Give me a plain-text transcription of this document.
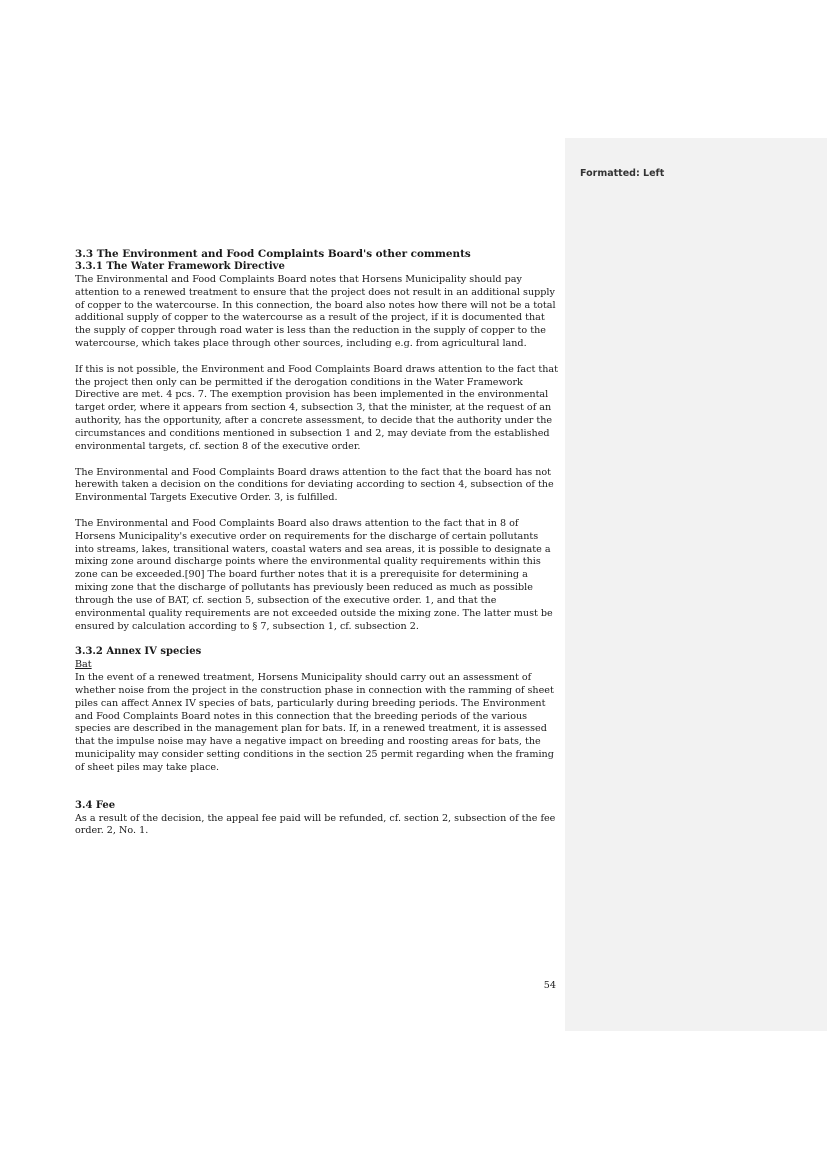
Formatted: Left

3.3 The Environment and Food Complaints Board's other comments

3.3.1 The Water Framework Directive

The Environmental and Food Complaints Board notes that Horsens Municipality should pay attention to a renewed treatment to ensure that the project does not result in an additional supply of copper to the watercourse. In this connection, the board also notes how there will not be a total additional supply of copper to the watercourse as a result of the project, if it is documented that the supply of copper through road water is less than the reduction in the supply of copper to the watercourse, which takes place through other sources, including e.g. from agricultural land.

If this is not possible, the Environment and Food Complaints Board draws attention to the fact that the project then only can be permitted if the derogation conditions in the Water Framework Directive are met. 4 pcs. 7. The exemption provision has been implemented in the environmental target order, where it appears from section 4, subsection 3, that the minister, at the request of an authority, has the opportunity, after a concrete assessment, to decide that the authority under the circumstances and conditions mentioned in subsection 1 and 2, may deviate from the established environmental targets, cf. section 8 of the executive order.

The Environmental and Food Complaints Board draws attention to the fact that the board has not herewith taken a decision on the conditions for deviating according to section 4, subsection of the Environmental Targets Executive Order. 3, is fulfilled.

The Environmental and Food Complaints Board also draws attention to the fact that in 8 of Horsens Municipality's executive order on requirements for the discharge of certain pollutants into streams, lakes, transitional waters, coastal waters and sea areas, it is possible to designate a mixing zone around discharge points where the environmental quality requirements within this zone can be exceeded.[90] The board further notes that it is a prerequisite for determining a mixing zone that the discharge of pollutants has previously been reduced as much as possible through the use of BAT, cf. section 5, subsection of the executive order. 1, and that the environmental quality requirements are not exceeded outside the mixing zone. The latter must be ensured by calculation according to § 7, subsection 1, cf. subsection 2.

3.3.2 Annex IV species

Bat

In the event of a renewed treatment, Horsens Municipality should carry out an assessment of whether noise from the project in the construction phase in connection with the ramming of sheet piles can affect Annex IV species of bats, particularly during breeding periods. The Environment and Food Complaints Board notes in this connection that the breeding periods of the various species are described in the management plan for bats. If, in a renewed treatment, it is assessed that the impulse noise may have a negative impact on breeding and roosting areas for bats, the municipality may consider setting conditions in the section 25 permit regarding when the framing of sheet piles may take place.

3.4 Fee

As a result of the decision, the appeal fee paid will be refunded, cf. section 2, subsection of the fee order. 2, No. 1.

54
